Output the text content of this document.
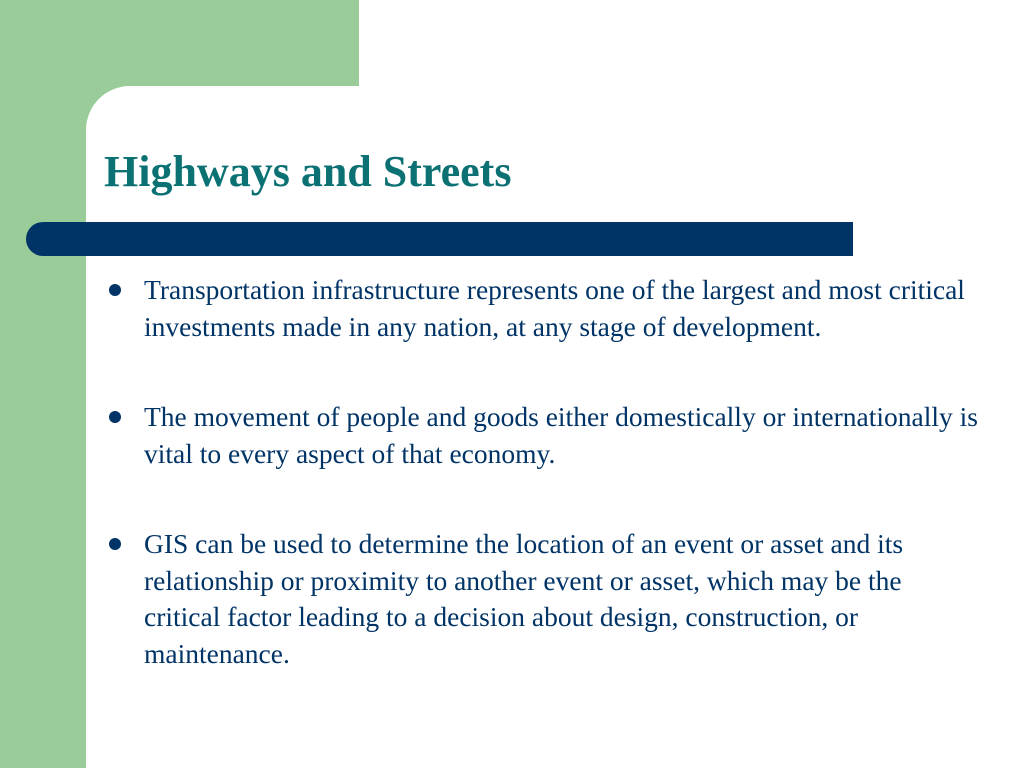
Highways and Streets
Transportation infrastructure represents one of the largest and most critical investments made in any nation, at any stage of development.
The movement of people and goods either domestically or internationally is vital to every aspect of that economy.
GIS can be used to determine the location of an event or asset and its relationship or proximity to another event or asset, which may be the critical factor leading to a decision about design, construction, or maintenance.
